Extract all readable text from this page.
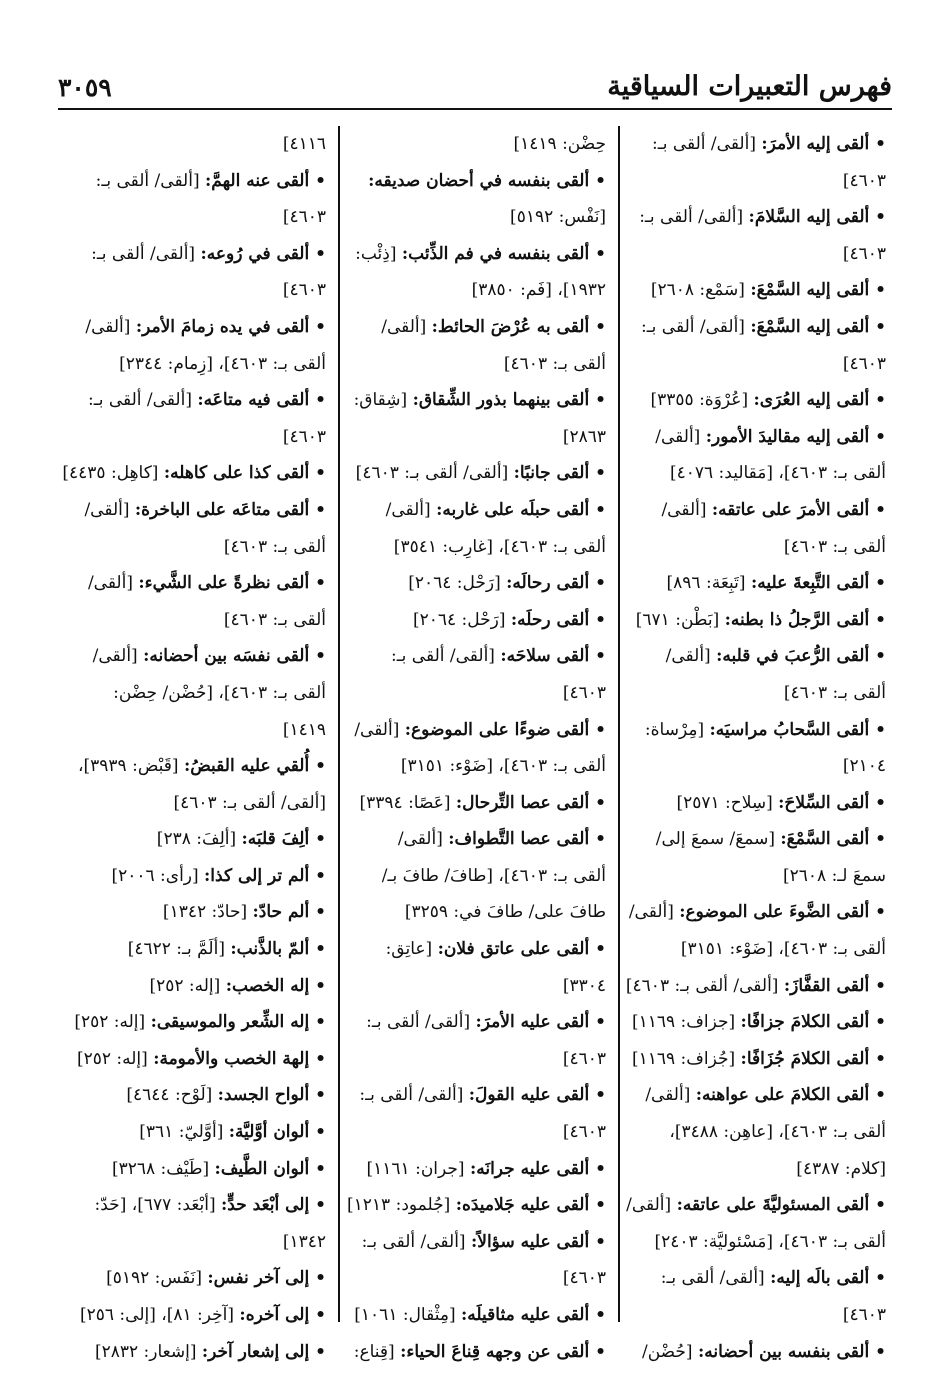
فهرس التعبيرات السياقية
٣٠٥٩
• ألقى إليه الأمرَ: [ألقى/ ألقى بـ:
٤٦٠٣]
• ألقى إليه السَّلامَ: [ألقى/ ألقى بـ:
٤٦٠٣]
• ألقى إليه السَّمْعَ: [سَمْع: ٢٦٠٨]
• ألقى إليه السَّمْعَ: [ألقى/ ألقى بـ:
٤٦٠٣]
• ألقى إليه العُرَى: [عُرْوَة: ٣٣٥٥]
• ألقى إليه مقاليدَ الأمور: [ألقى/
ألقى بـ: ٤٦٠٣]، [مَقاليد: ٤٠٧٦]
• ألقى الأمرَ على عاتقه: [ألقى/
ألقى بـ: ٤٦٠٣]
• ألقى التَّبِعةَ عليه: [تَبِعَة: ٨٩٦]
• ألقى الرَّجلُ ذا بطنه: [بَطْن: ٦٧١]
• ألقى الرُّعبَ في قلبه: [ألقى/
ألقى بـ: ٤٦٠٣]
• ألقى السَّحابُ مراسيَه: [مِرْساة:
٢١٠٤]
• ألقى السِّلاحَ: [سِلاح: ٢٥٧١]
• ألقى السَّمْعَ: [سمعَ/ سمعَ إلى/
سمعَ لـ: ٢٦٠٨]
• ألقى الضَّوءَ على الموضوع: [ألقى/
ألقى بـ: ٤٦٠٣]، [ضَوْء: ٣١٥١]
• ألقى القفَّازَ: [ألقى/ ألقى بـ: ٤٦٠٣]
• ألقى الكلامَ جزافًا: [جزاف: ١١٦٩]
• ألقى الكلامَ جُزَافًا: [جُزاف: ١١٦٩]
• ألقى الكلامَ على عواهنه: [ألقى/
ألقى بـ: ٤٦٠٣]، [عاهِن: ٣٤٨٨]،
[كلام: ٤٣٨٧]
• ألقى المسئوليَّةَ على عاتقه: [ألقى/
ألقى بـ: ٤٦٠٣]، [مَسْئوليَّة: ٢٤٠٣]
• ألقى بالَه إليه: [ألقى/ ألقى بـ:
٤٦٠٣]
• ألقى بنفسه بين أحضانه: [حُضْن/
حِضْن: ١٤١٩]
• ألقى بنفسه في أحضان صديقه:
[نَفْس: ٥١٩٢]
• ألقى بنفسه في فم الذِّئب: [ذِئْب:
١٩٣٢]، [فَم: ٣٨٥٠]
• ألقى به عُرْضَ الحائط: [ألقى/
ألقى بـ: ٤٦٠٣]
• ألقى بينهما بذور الشِّقاق: [شِقاق:
٢٨٦٣]
• ألقى جانبًا: [ألقى/ ألقى بـ: ٤٦٠٣]
• ألقى حبلَه على غاربه: [ألقى/
ألقى بـ: ٤٦٠٣]، [غارِب: ٣٥٤١]
• ألقى رحالَه: [رَحْل: ٢٠٦٤]
• ألقى رحلَه: [رَحْل: ٢٠٦٤]
• ألقى سلاحَه: [ألقى/ ألقى بـ:
٤٦٠٣]
• ألقى ضوءًا على الموضوع: [ألقى/
ألقى بـ: ٤٦٠٣]، [ضَوْء: ٣١٥١]
• ألقى عصا التِّرحال: [عَصًا: ٣٣٩٤]
• ألقى عصا التَّطواف: [ألقى/
ألقى بـ: ٤٦٠٣]، [طافَ/ طافَ بـ/
طافَ على/ طافَ في: ٣٢٥٩]
• ألقى على عاتق فلان: [عاتِق:
٣٣٠٤]
• ألقى عليه الأمرَ: [ألقى/ ألقى بـ:
٤٦٠٣]
• ألقى عليه القولَ: [ألقى/ ألقى بـ:
٤٦٠٣]
• ألقى عليه جرانَه: [جران: ١١٦١]
• ألقى عليه جَلاميدَه: [جُلمود: ١٢١٣]
• ألقى عليه سؤالاً: [ألقى/ ألقى بـ:
٤٦٠٣]
• ألقى عليه مثاقيلَه: [مِثْقال: ١٠٦١]
• ألقى عن وجهه قِناعَ الحياء: [قِناع:
٤١١٦]
• ألقى عنه الهمَّ: [ألقى/ ألقى بـ:
٤٦٠٣]
• ألقى في رُوعه: [ألقى/ ألقى بـ:
٤٦٠٣]
• ألقى في يده زمامَ الأمر: [ألقى/
ألقى بـ: ٤٦٠٣]، [زِمام: ٢٣٤٤]
• ألقى فيه متاعَه: [ألقى/ ألقى بـ:
٤٦٠٣]
• ألقى كذا على كاهله: [كاهِل: ٤٤٣٥]
• ألقى متاعَه على الباخرة: [ألقى/
ألقى بـ: ٤٦٠٣]
• ألقى نظرةً على الشَّيء: [ألقى/
ألقى بـ: ٤٦٠٣]
• ألقى نفسَه بين أحضانه: [ألقى/
ألقى بـ: ٤٦٠٣]، [حُضْن/ حِضْن:
١٤١٩]
• أُلقي عليه القبضُ: [قَبْض: ٣٩٣٩]،
[ألقى/ ألقى بـ: ٤٦٠٣]
• ألِفَ قلبَه: [ألِفَ: ٢٣٨]
• ألم تر إلى كذا: [رأى: ٢٠٠٦]
• ألم حادّ: [حادّ: ١٣٤٢]
• ألمّ بالذَّنب: [ألَمَّ بـ: ٤٦٢٢]
• إله الخصب: [إله: ٢٥٢]
• إله الشِّعر والموسيقى: [إله: ٢٥٢]
• إلهة الخصب والأمومة: [إله: ٢٥٢]
• ألواح الجسد: [لَوْح: ٤٦٤٤]
• ألوان أوَّليَّة: [أوَّليّ: ٣٦١]
• ألوان الطَّيف: [طَيْف: ٣٢٦٨]
• إلى أبْعَد حدٍّ: [أبْعَد: ٦٧٧]، [حَدّ:
١٣٤٢]
• إلى آخر نفس: [نَفَس: ٥١٩٢]
• إلى آخره: [آخِر: ٨١]، [إلى: ٢٥٦]
• إلى إشعار آخر: [إشعار: ٢٨٣٢]
